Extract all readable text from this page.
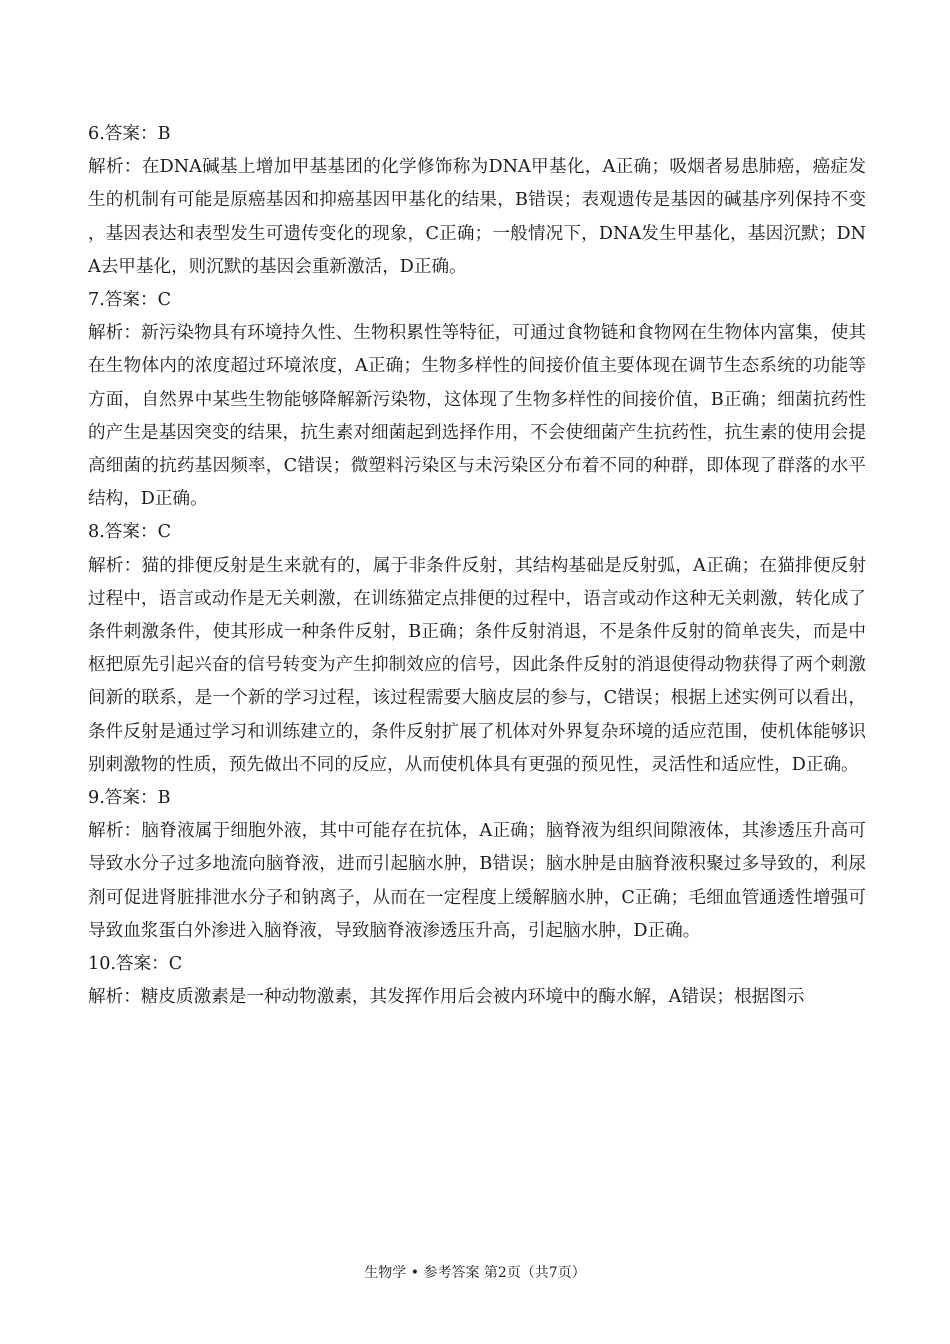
6.答案：B

解析：在DNA碱基上增加甲基基团的化学修饰称为DNA甲基化，A正确；吸烟者易患肺癌，癌症发生的机制有可能是原癌基因和抑癌基因甲基化的结果，B错误；表观遗传是基因的碱基序列保持不变，基因表达和表型发生可遗传变化的现象，C正确；一般情况下，DNA发生甲基化，基因沉默；DNA去甲基化，则沉默的基因会重新激活，D正确。

7.答案：C

解析：新污染物具有环境持久性、生物积累性等特征，可通过食物链和食物网在生物体内富集，使其在生物体内的浓度超过环境浓度，A正确；生物多样性的间接价值主要体现在调节生态系统的功能等方面，自然界中某些生物能够降解新污染物，这体现了生物多样性的间接价值，B正确；细菌抗药性的产生是基因突变的结果，抗生素对细菌起到选择作用，不会使细菌产生抗药性，抗生素的使用会提高细菌的抗药基因频率，C错误；微塑料污染区与未污染区分布着不同的种群，即体现了群落的水平结构，D正确。

8.答案：C

解析：猫的排便反射是生来就有的，属于非条件反射，其结构基础是反射弧，A正确；在猫排便反射过程中，语言或动作是无关刺激，在训练猫定点排便的过程中，语言或动作这种无关刺激，转化成了条件刺激条件，使其形成一种条件反射，B正确；条件反射消退，不是条件反射的简单丧失，而是中枢把原先引起兴奋的信号转变为产生抑制效应的信号，因此条件反射的消退使得动物获得了两个刺激间新的联系，是一个新的学习过程，该过程需要大脑皮层的参与，C错误；根据上述实例可以看出，条件反射是通过学习和训练建立的，条件反射扩展了机体对外界复杂环境的适应范围，使机体能够识别刺激物的性质，预先做出不同的反应，从而使机体具有更强的预见性，灵活性和适应性，D正确。

9.答案：B

解析：脑脊液属于细胞外液，其中可能存在抗体，A正确；脑脊液为组织间隙液体，其渗透压升高可导致水分子过多地流向脑脊液，进而引起脑水肿，B错误；脑水肿是由脑脊液积聚过多导致的，利尿剂可促进肾脏排泄水分子和钠离子，从而在一定程度上缓解脑水肿，C正确；毛细血管通透性增强可导致血浆蛋白外渗进入脑脊液，导致脑脊液渗透压升高，引起脑水肿，D正确。

10.答案：C

解析：糖皮质激素是一种动物激素，其发挥作用后会被内环境中的酶水解，A错误；根据图示

生物学 • 参考答案 第2页（共7页）
